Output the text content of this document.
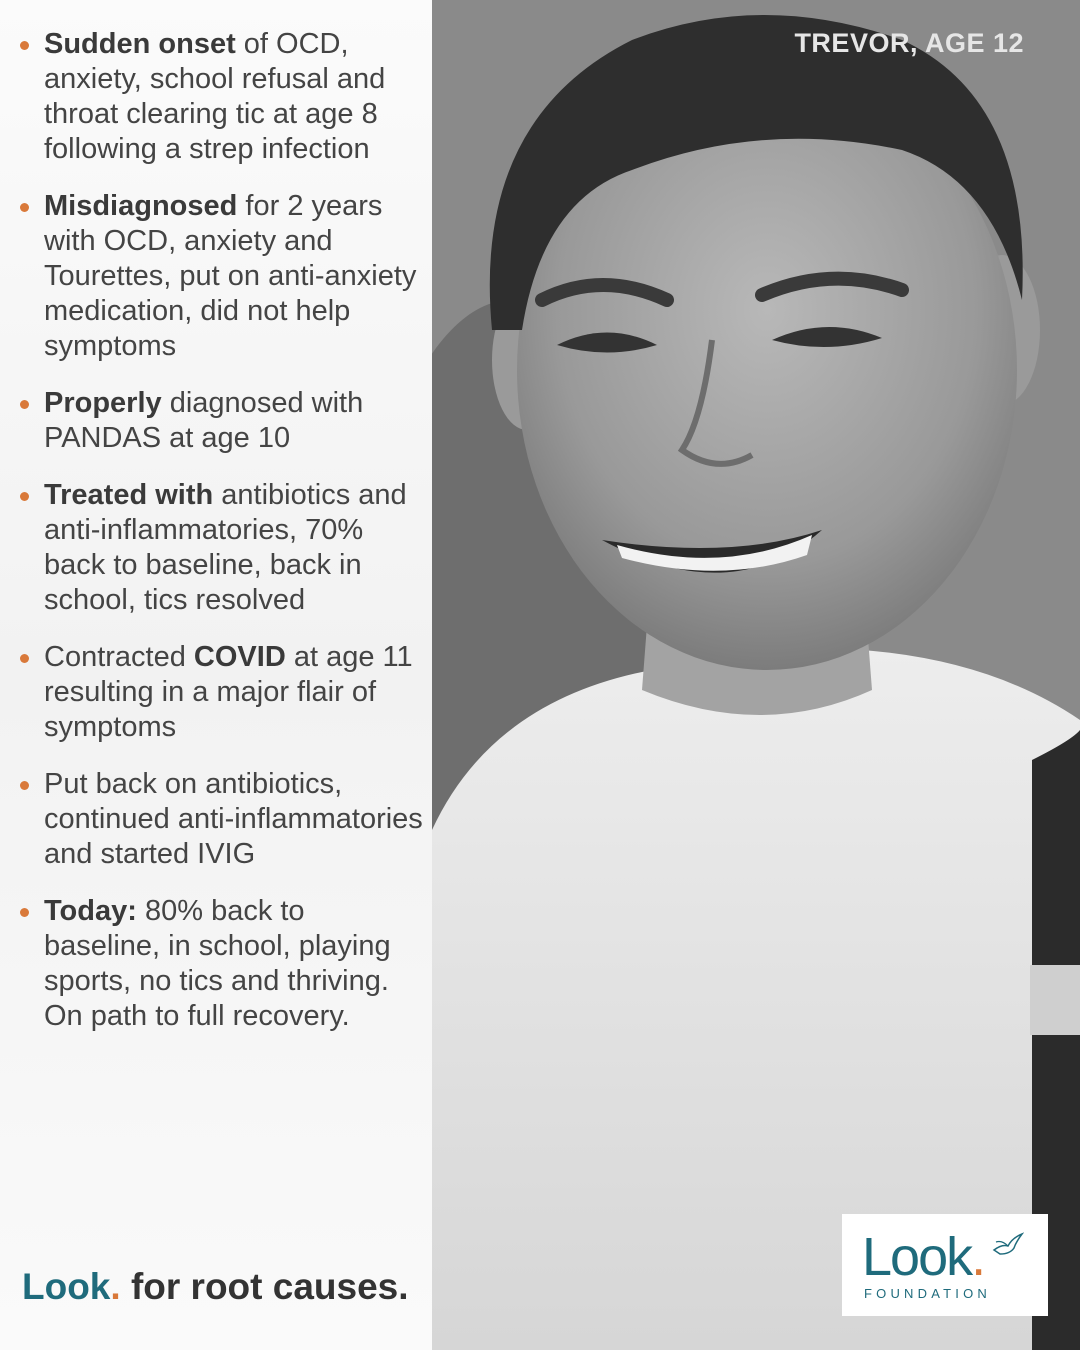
Sudden onset of OCD, anxiety, school refusal and throat clearing tic at age 8 following a strep infection
Misdiagnosed for 2 years with OCD, anxiety and Tourettes, put on anti-anxiety medication, did not help symptoms
Properly diagnosed with PANDAS at age 10
Treated with antibiotics and anti-inflammatories, 70% back to baseline, back in school, tics resolved
Contracted COVID at age 11 resulting in a major flair of symptoms
Put back on antibiotics, continued anti-inflammatories and started IVIG
Today: 80% back to baseline, in school, playing sports, no tics and thriving. On path to full recovery.
Look. for root causes.
TREVOR, AGE 12
Look.
FOUNDATION
